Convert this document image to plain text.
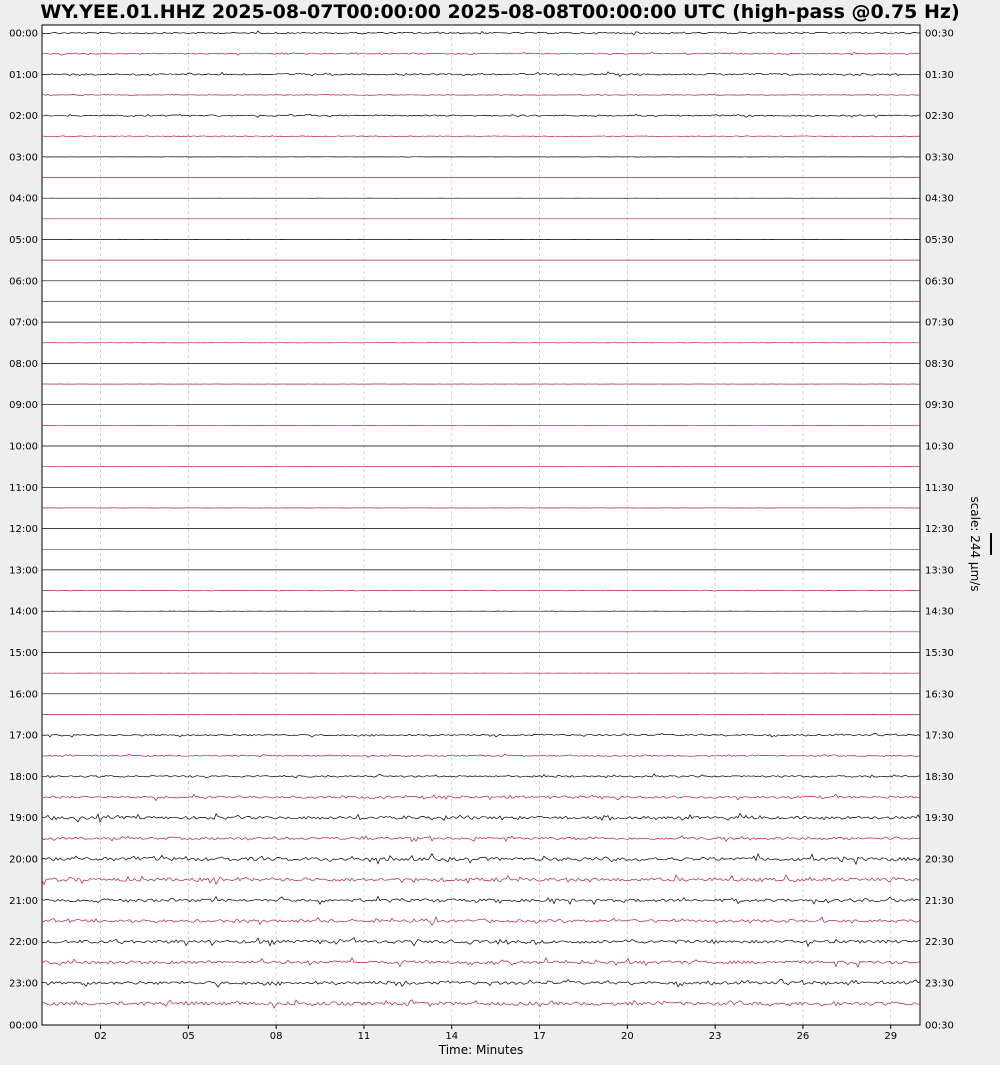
WY.YEE.01.HHZ 2025-08-07T00:00:00 2025-08-08T00:00:00 UTC (high-pass @0.75 Hz)
00:00
01:00
02:00
03:00
04:00
05:00
06:00
07:00
08:00
09:00
10:00
11:00
12:00
13:00
14:00
15:00
16:00
17:00
18:00
19:00
20:00
21:00
22:00
23:00
00:00
00:30
01:30
02:30
03:30
04:30
05:30
06:30
07:30
08:30
09:30
10:30
11:30
12:30
13:30
14:30
15:30
16:30
17:30
18:30
19:30
20:30
21:30
22:30
23:30
00:30
02	05	08	11	14	17	20	23	26	29
scale: 244 μm/s
Time: Minutes
